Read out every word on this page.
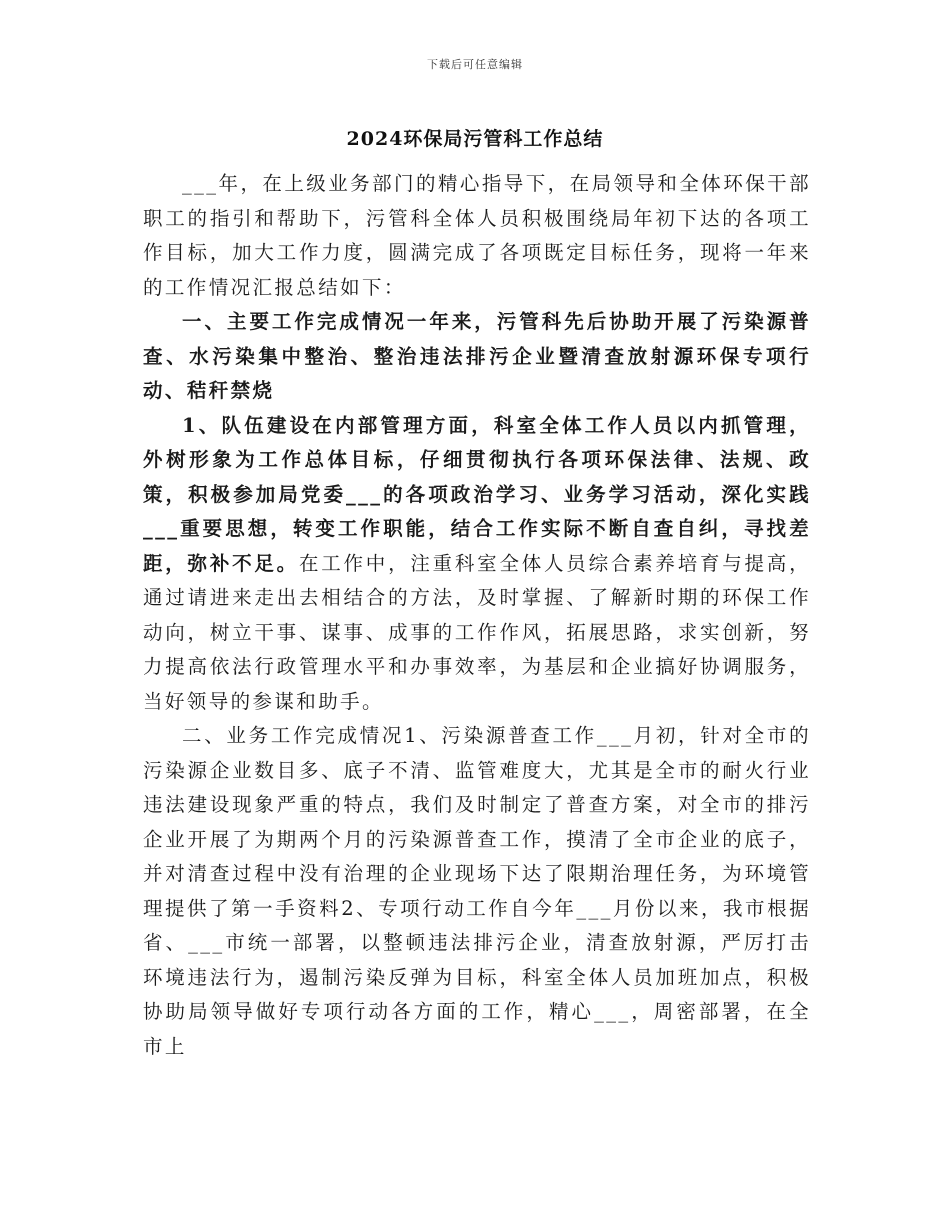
下载后可任意编辑
2024环保局污管科工作总结

___年，在上级业务部门的精心指导下，在局领导和全体环保干部职工的指引和帮助下，污管科全体人员积极围绕局年初下达的各项工作目标，加大工作力度，圆满完成了各项既定目标任务，现将一年来的工作情况汇报总结如下：

一、主要工作完成情况一年来，污管科先后协助开展了污染源普查、水污染集中整治、整治违法排污企业暨清查放射源环保专项行动、秸秆禁烧

1、队伍建设在内部管理方面，科室全体工作人员以内抓管理，外树形象为工作总体目标，仔细贯彻执行各项环保法律、法规、政策，积极参加局党委___的各项政治学习、业务学习活动，深化实践___重要思想，转变工作职能，结合工作实际不断自查自纠，寻找差距，弥补不足。在工作中，注重科室全体人员综合素养培育与提高，通过请进来走出去相结合的方法，及时掌握、了解新时期的环保工作动向，树立干事、谋事、成事的工作作风，拓展思路，求实创新，努力提高依法行政管理水平和办事效率，为基层和企业搞好协调服务，当好领导的参谋和助手。

二、业务工作完成情况1、污染源普查工作___月初，针对全市的污染源企业数目多、底子不清、监管难度大，尤其是全市的耐火行业违法建设现象严重的特点，我们及时制定了普查方案，对全市的排污企业开展了为期两个月的污染源普查工作，摸清了全市企业的底子，并对清查过程中没有治理的企业现场下达了限期治理任务，为环境管理提供了第一手资料2、专项行动工作自今年___月份以来，我市根据省、___市统一部署，以整顿违法排污企业，清查放射源，严厉打击环境违法行为，遏制污染反弹为目标，科室全体人员加班加点，积极协助局领导做好专项行动各方面的工作，精心___，周密部署，在全市上
